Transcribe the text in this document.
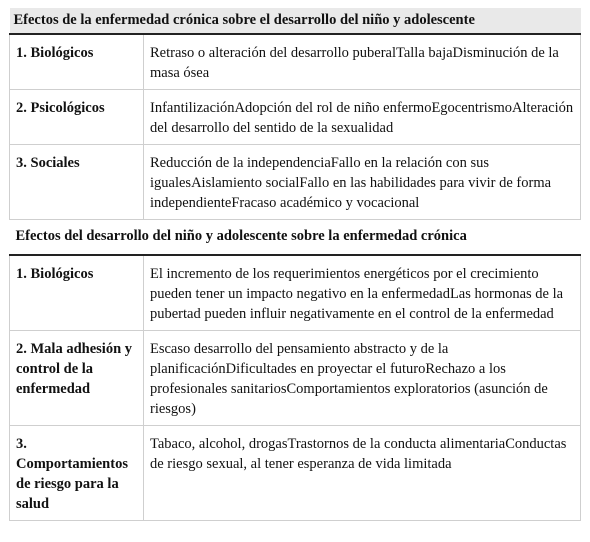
Efectos de la enfermedad crónica sobre el desarrollo del niño y adolescente	
1. Biológicos	Retraso o alteración del desarrollo puberalTalla bajaDisminución de la masa ósea
2. Psicológicos	InfantilizaciónAdopción del rol de niño enfermoEgocentrismoAlteración del desarrollo del sentido de la sexualidad
3. Sociales	Reducción de la independenciaFallo en la relación con sus igualesAislamiento socialFallo en las habilidades para vivir de forma independienteFracaso académico y vocacional
Efectos del desarrollo del niño y adolescente sobre la enfermedad crónica	
1. Biológicos	El incremento de los requerimientos energéticos por el crecimiento pueden tener un impacto negativo en la enfermedadLas hormonas de la pubertad pueden influir negativamente en el control de la enfermedad
2. Mala adhesión y control de la enfermedad	Escaso desarrollo del pensamiento abstracto y de la planificaciónDificultades en proyectar el futuroRechazo a los profesionales sanitariosComportamientos exploratorios (asunción de riesgos)
3. Comportamientos de riesgo para la salud	Tabaco, alcohol, drogasTrastornos de la conducta alimentariaConductas de riesgo sexual, al tener esperanza de vida limitada
